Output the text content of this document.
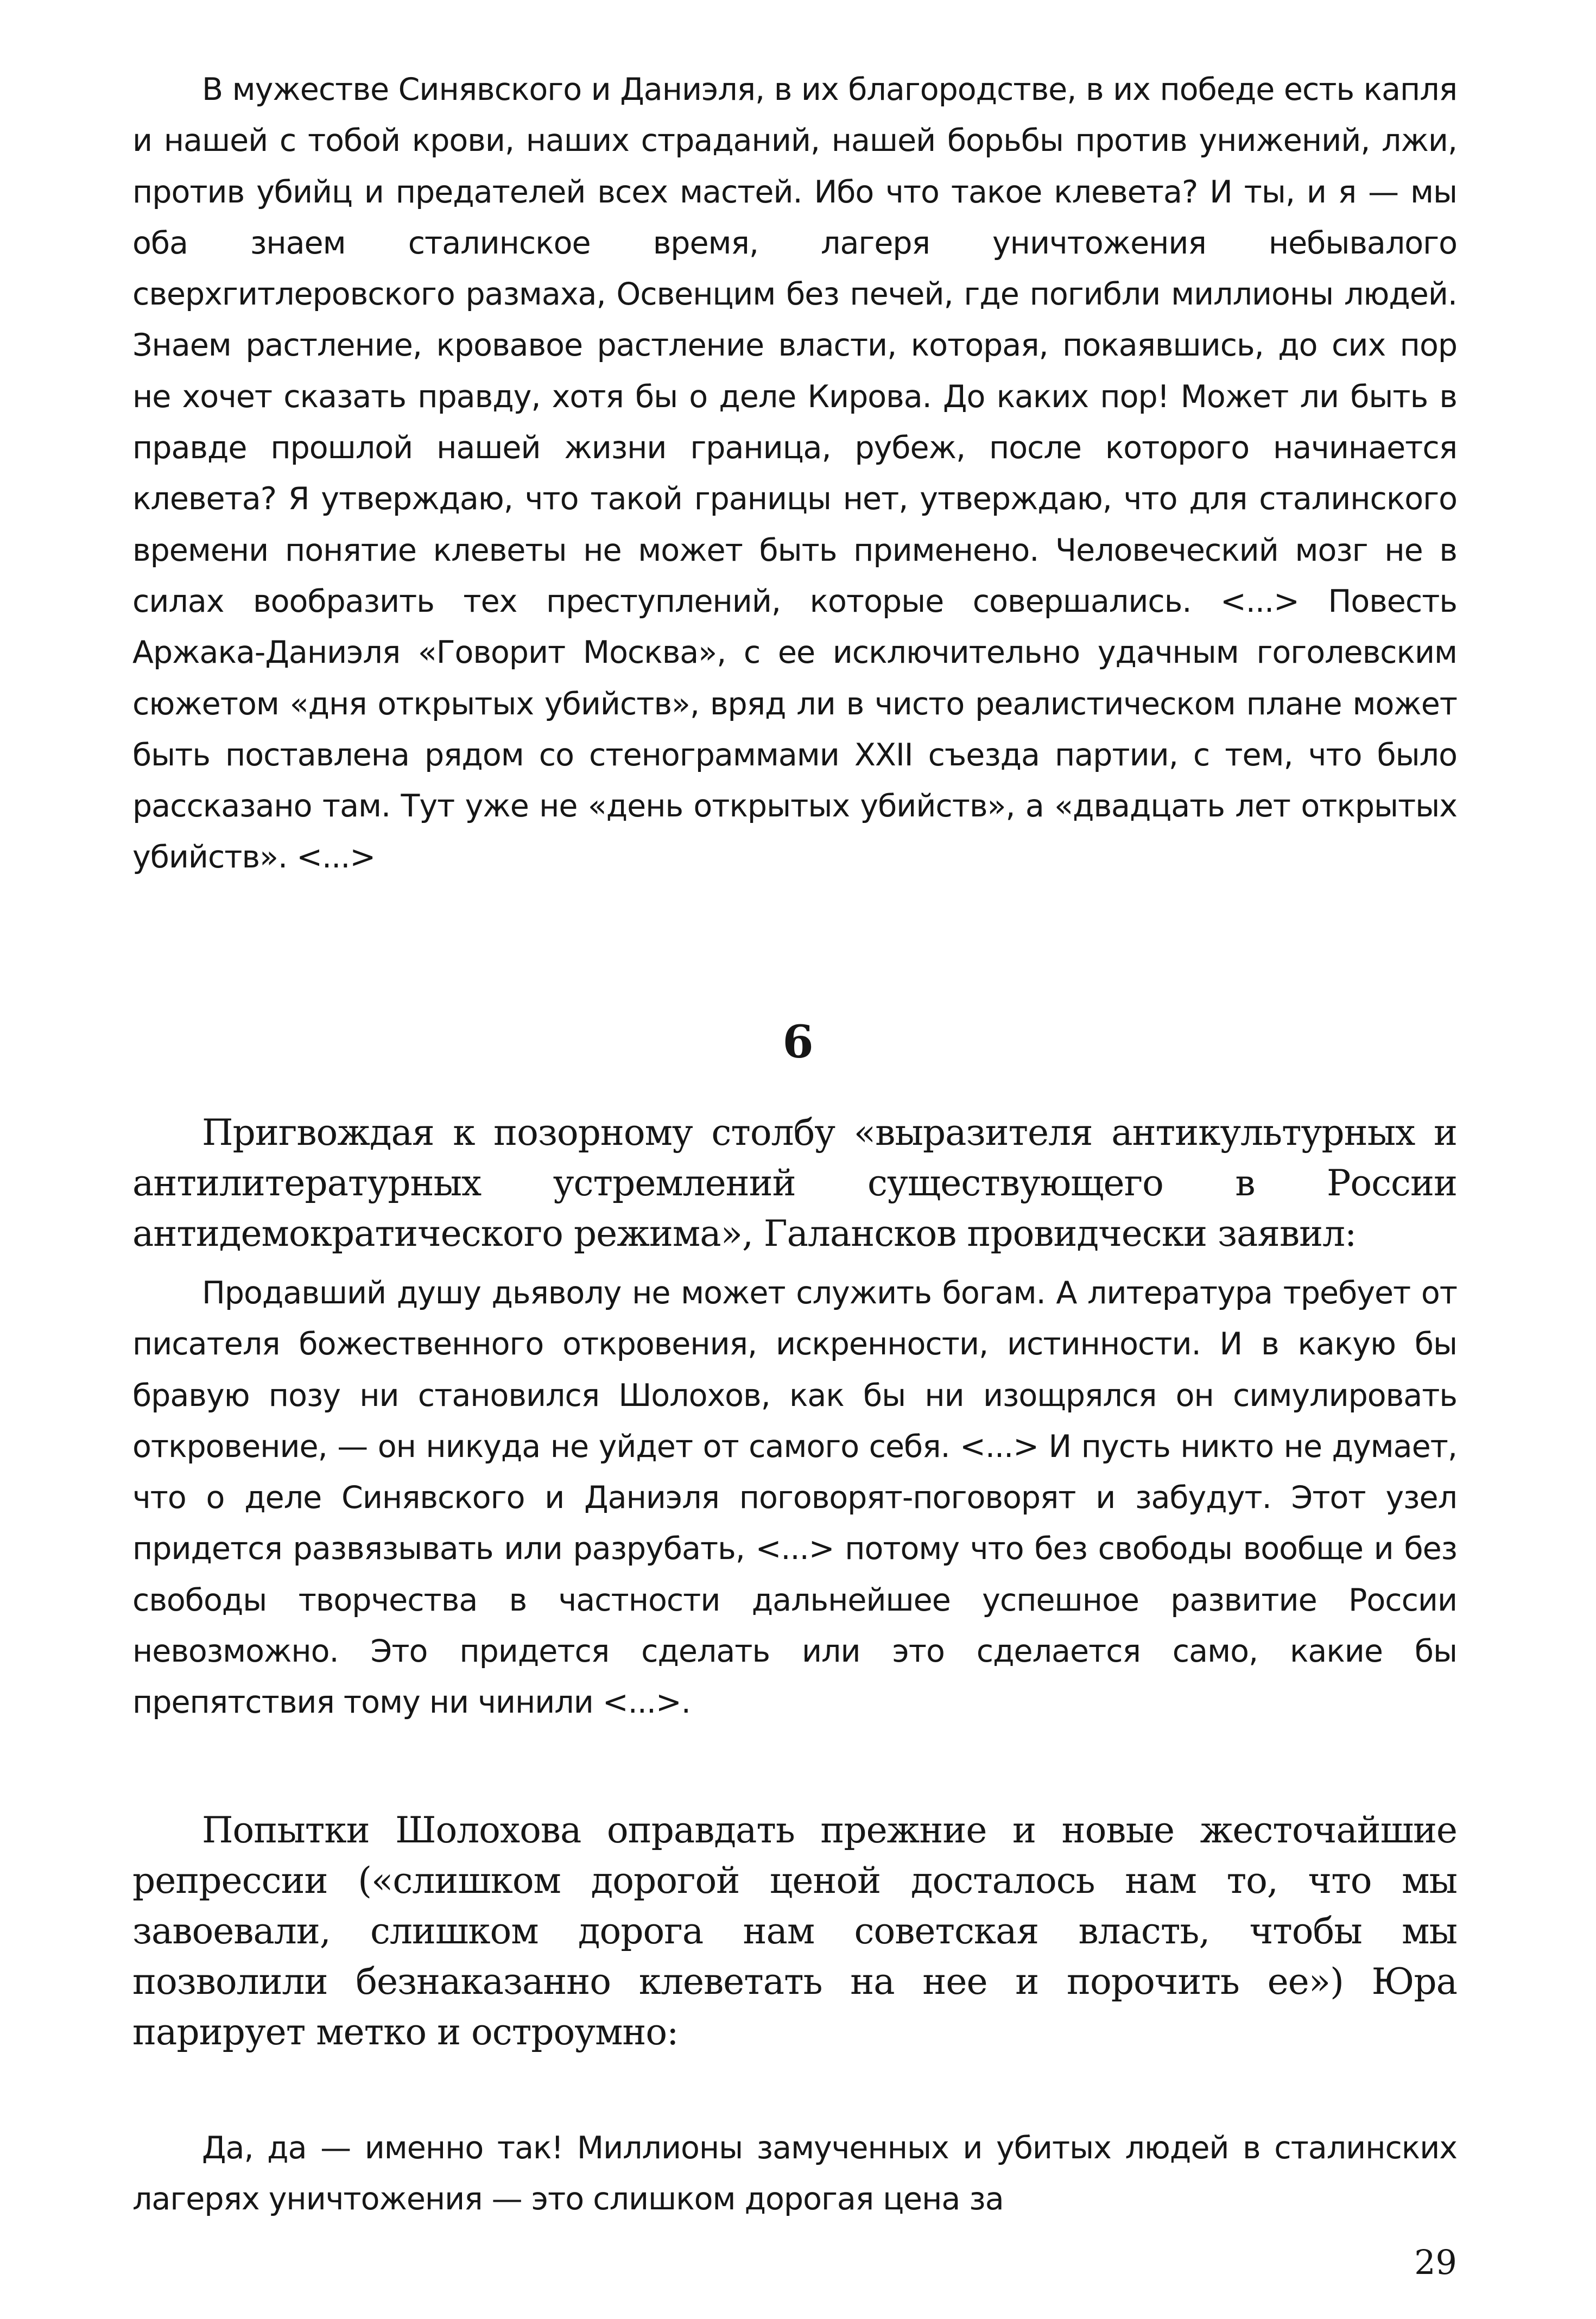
В мужестве Синявского и Даниэля, в их благородстве, в их победе есть капля и нашей с тобой крови, наших страданий, нашей борьбы против унижений, лжи, против убийц и предателей всех мастей. Ибо что такое клевета? И ты, и я — мы оба знаем сталинское время, лагеря уничтожения небывалого сверхгитлеровского размаха, Освенцим без печей, где погибли миллионы людей. Знаем растление, кровавое растление власти, которая, покаявшись, до сих пор не хочет сказать правду, хотя бы о деле Кирова. До каких пор! Может ли быть в правде прошлой нашей жизни граница, рубеж, после которого начинается клевета? Я утверждаю, что такой границы нет, утверждаю, что для сталинского времени понятие клеветы не может быть применено. Человеческий мозг не в силах вообразить тех преступлений, которые совершались. <...> Повесть Аржака-Даниэля «Говорит Москва», с ее исключительно удачным гоголевским сюжетом «дня открытых убийств», вряд ли в чисто реалистическом плане может быть поставлена рядом со стенограммами XXII съезда партии, с тем, что было рассказано там. Тут уже не «день открытых убийств», а «двадцать лет открытых убийств». <...>

6

Пригвождая к позорному столбу «выразителя антикультурных и антилитературных устремлений существующего в России антидемократического режима», Галансков провидчески заявил:

Продавший душу дьяволу не может служить богам. А литература требует от писателя божественного откровения, искренности, истинности. И в какую бы бравую позу ни становился Шолохов, как бы ни изощрялся он симулировать откровение, — он никуда не уйдет от самого себя. <...> И пусть никто не думает, что о деле Синявского и Даниэля поговорят-поговорят и забудут. Этот узел придется развязывать или разрубать, <...> потому что без свободы вообще и без свободы творчества в частности дальнейшее успешное развитие России невозможно. Это придется сделать или это сделается само, какие бы препятствия тому ни чинили <...>.

Попытки Шолохова оправдать прежние и новые жесточайшие репрессии («слишком дорогой ценой досталось нам то, что мы завоевали, слишком дорога нам советская власть, чтобы мы позволили безнаказанно клеветать на нее и порочить ее») Юра парирует метко и остроумно:

Да, да — именно так! Миллионы замученных и убитых людей в сталинских лагерях уничтожения — это слишком дорогая цена за

29
